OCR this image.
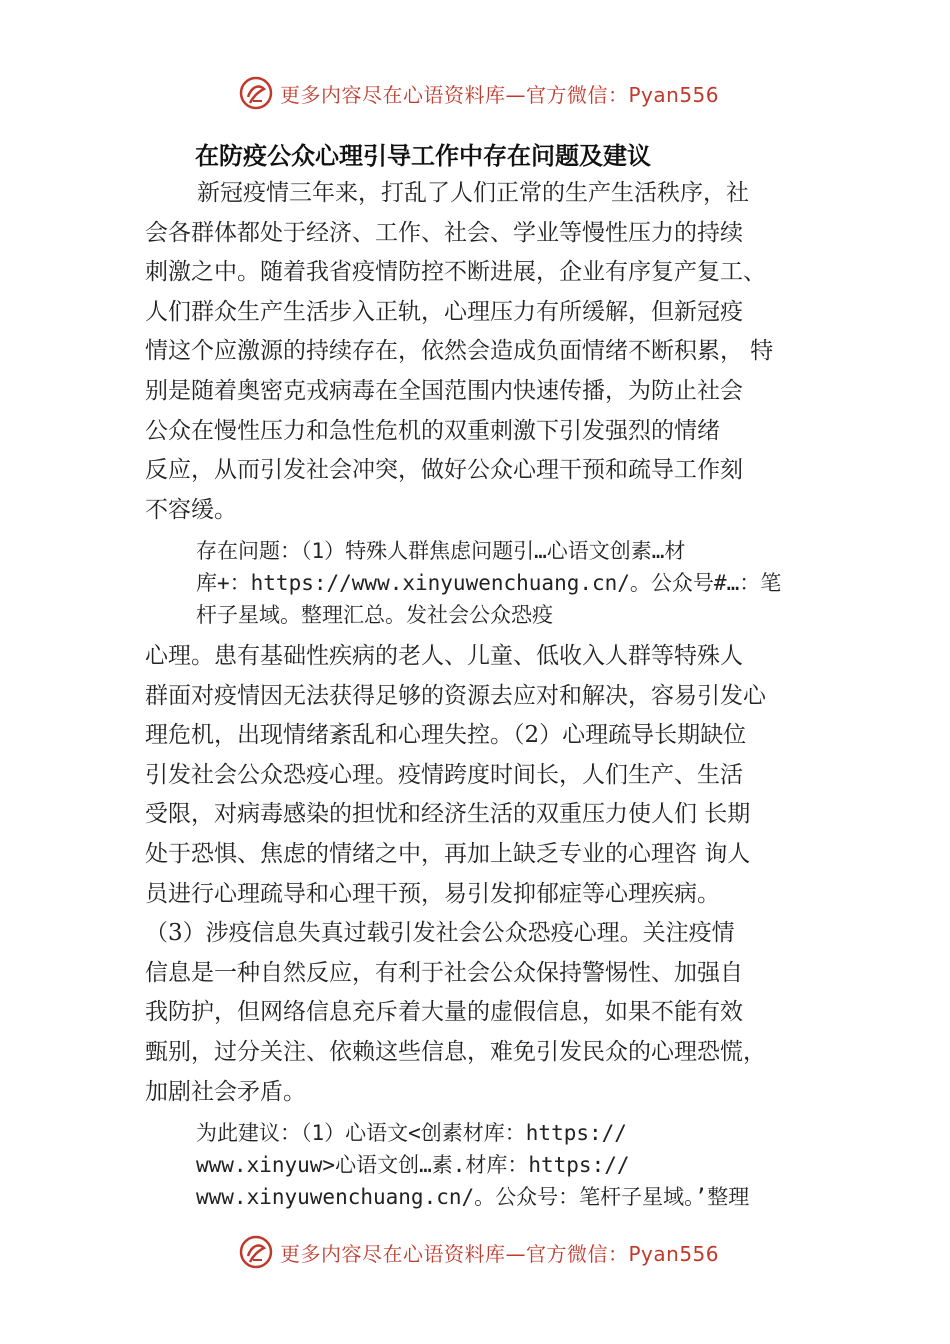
更多内容尽在心语资料库—官方微信：Pyan556
在防疫公众心理引导工作中存在问题及建议
新冠疫情三年来，打乱了人们正常的生产生活秩序，社
会各群体都处于经济、工作、社会、学业等慢性压力的持续
刺激之中。随着我省疫情防控不断进展，企业有序复产复工、
人们群众生产生活步入正轨，心理压力有所缓解，但新冠疫
情这个应激源的持续存在，依然会造成负面情绪不断积累， 特
别是随着奥密克戎病毒在全国范围内快速传播，为防止社会
公众在慢性压力和急性危机的双重刺激下引发强烈的情绪
反应，从而引发社会冲突，做好公众心理干预和疏导工作刻
不容缓。
存在问题：（1）特殊人群焦虑问题引…心语文创素…材
库+：https://www.xinyuwenchuang.cn/。公众号#…：笔
杆子星域。整理汇总。发社会公众恐疫
心理。患有基础性疾病的老人、儿童、低收入人群等特殊人
群面对疫情因无法获得足够的资源去应对和解决，容易引发心
理危机，出现情绪紊乱和心理失控。（2）心理疏导长期缺位
引发社会公众恐疫心理。疫情跨度时间长，人们生产、生活
受限，对病毒感染的担忧和经济生活的双重压力使人们 长期
处于恐惧、焦虑的情绪之中，再加上缺乏专业的心理咨 询人
员进行心理疏导和心理干预，易引发抑郁症等心理疾病。
（3）涉疫信息失真过载引发社会公众恐疫心理。关注疫情
信息是一种自然反应，有利于社会公众保持警惕性、加强自
我防护，但网络信息充斥着大量的虚假信息，如果不能有效
甄别，过分关注、依赖这些信息，难免引发民众的心理恐慌，
加剧社会矛盾。
为此建议：（1）心语文<创素材库：https://
www.xinyuw>心语文创…素.材库：https://
www.xinyuwenchuang.cn/。公众号：笔杆子星域。’整理
更多内容尽在心语资料库—官方微信：Pyan556
